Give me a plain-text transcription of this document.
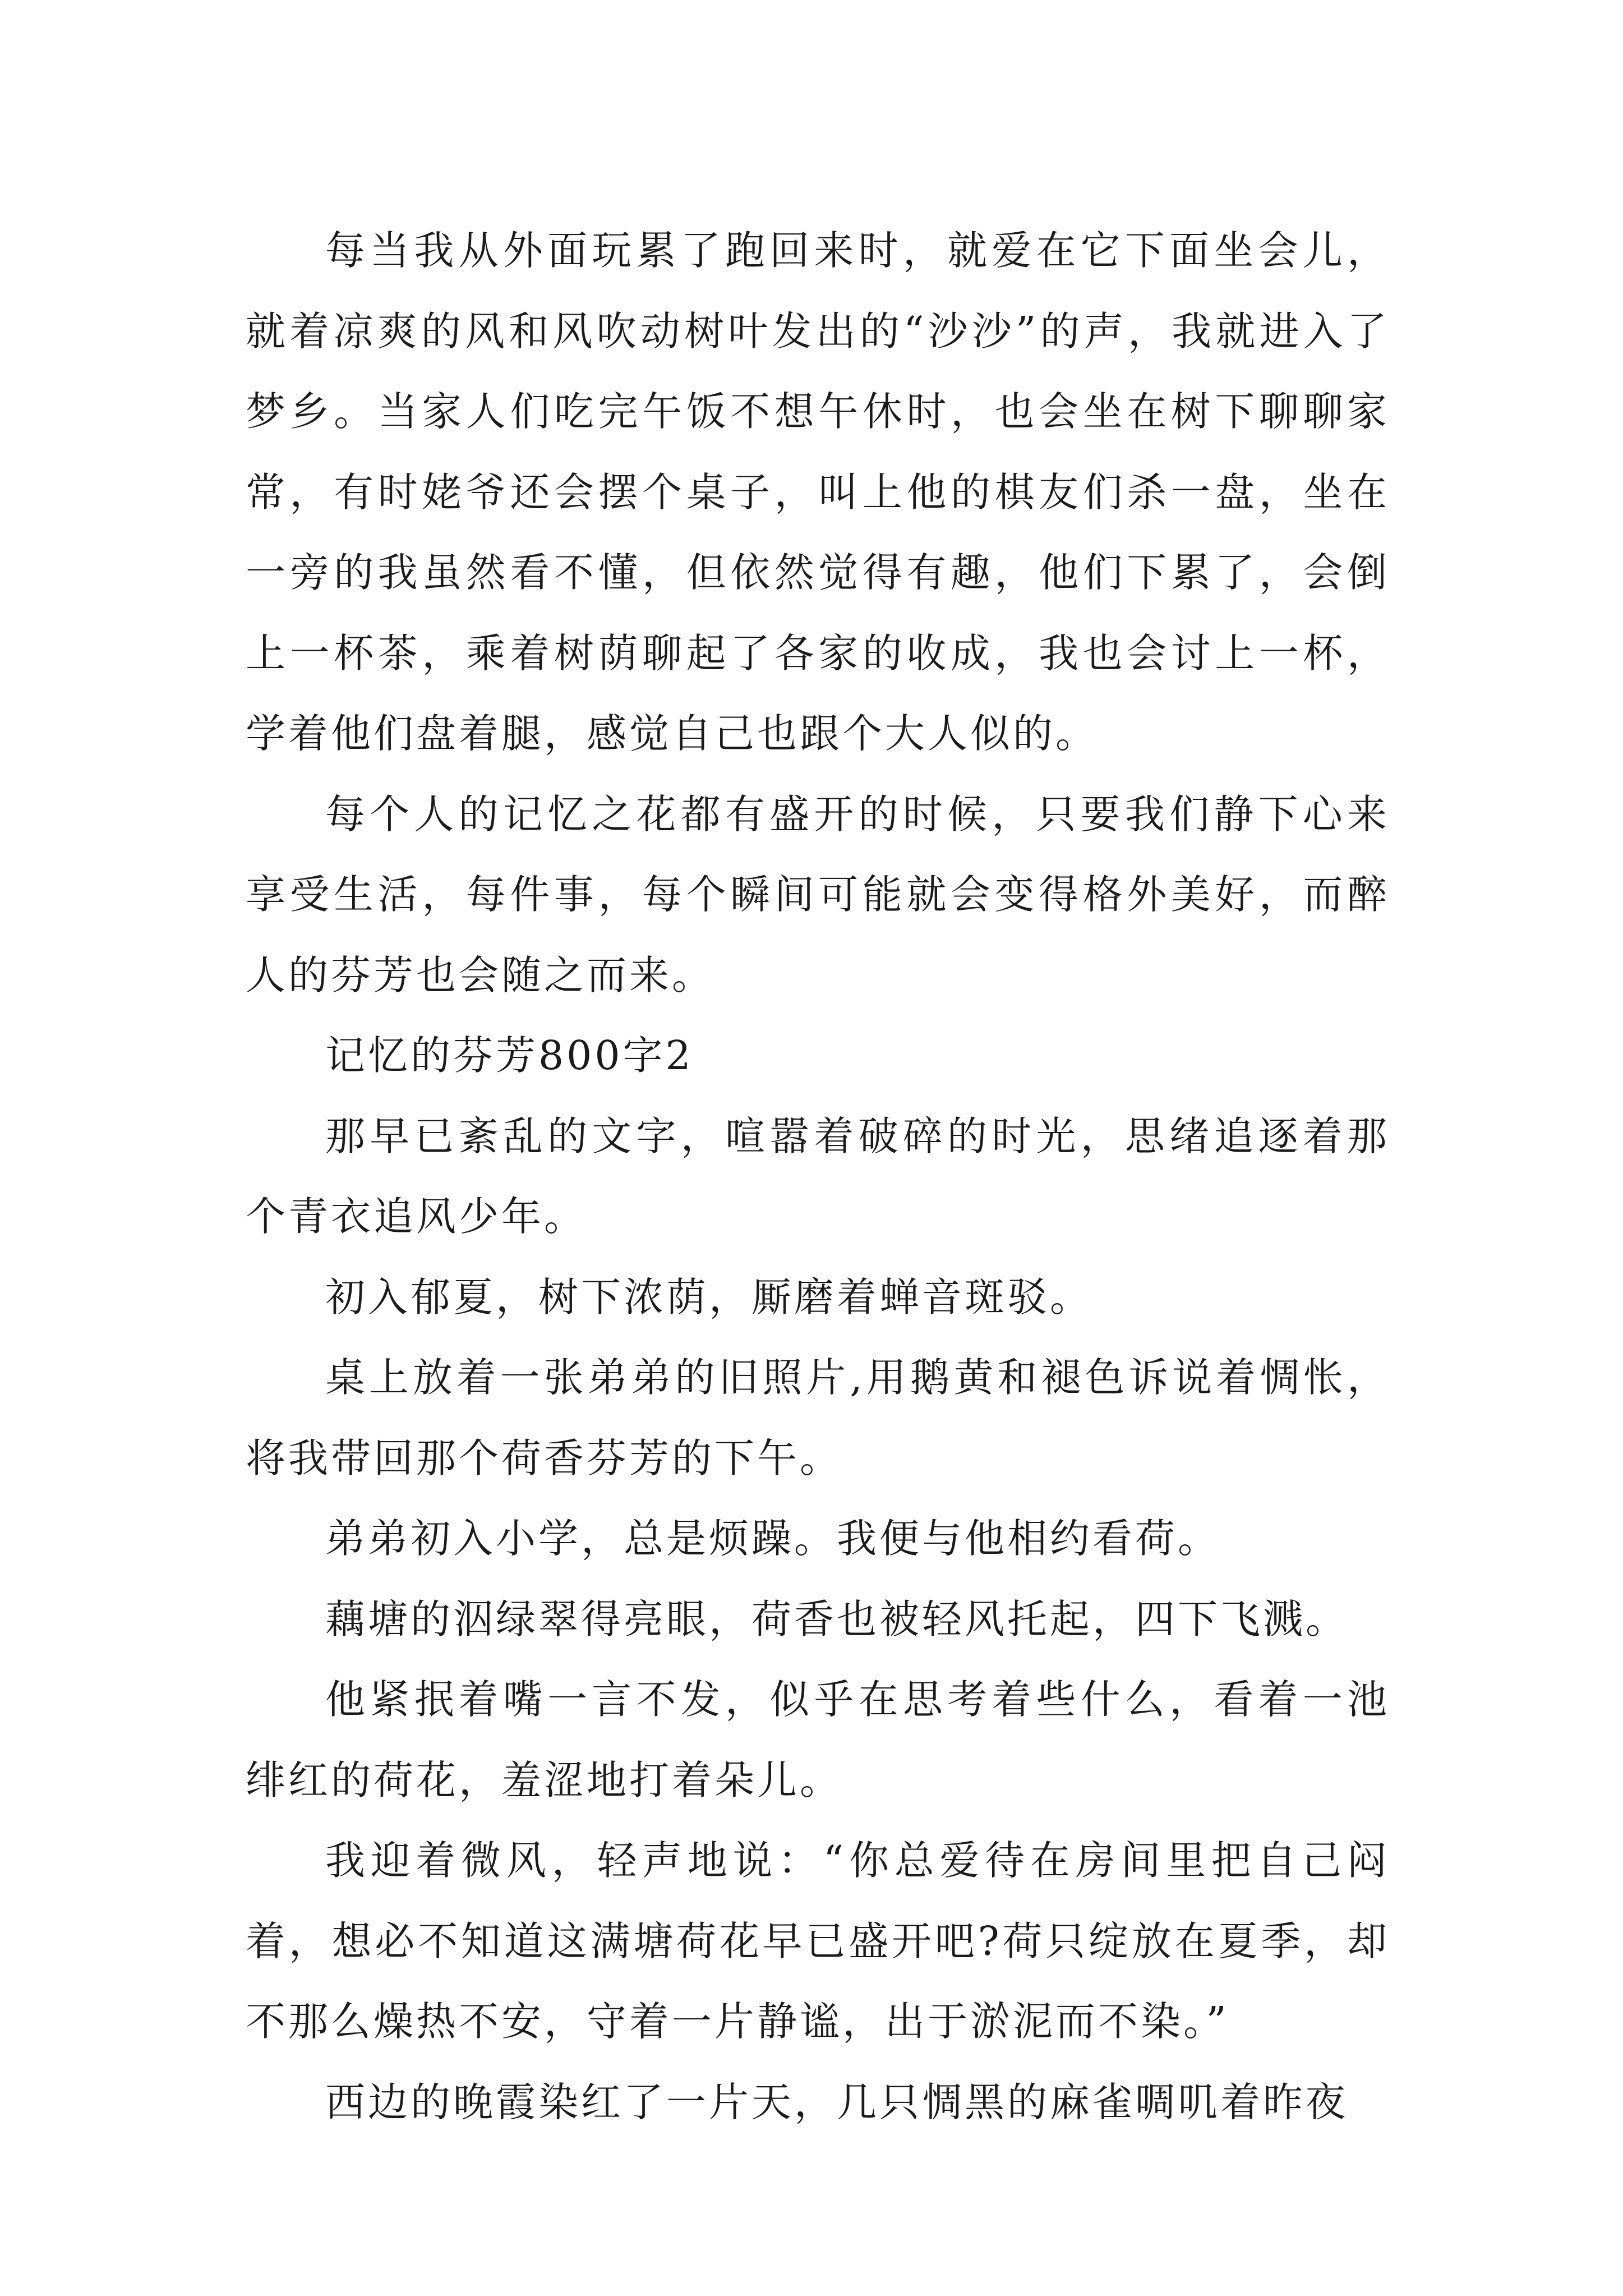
每当我从外面玩累了跑回来时，就爱在它下面坐会儿，就着凉爽的风和风吹动树叶发出的“沙沙”的声，我就进入了梦乡。当家人们吃完午饭不想午休时，也会坐在树下聊聊家常，有时姥爷还会摆个桌子，叫上他的棋友们杀一盘，坐在一旁的我虽然看不懂，但依然觉得有趣，他们下累了，会倒上一杯茶，乘着树荫聊起了各家的收成，我也会讨上一杯，学着他们盘着腿，感觉自己也跟个大人似的。

每个人的记忆之花都有盛开的时候，只要我们静下心来享受生活，每件事，每个瞬间可能就会变得格外美好，而醉人的芬芳也会随之而来。

记忆的芬芳800字2

那早已紊乱的文字，喧嚣着破碎的时光，思绪追逐着那个青衣追风少年。

初入郁夏，树下浓荫，厮磨着蝉音斑驳。

桌上放着一张弟弟的旧照片,用鹅黄和褪色诉说着惆怅，将我带回那个荷香芬芳的下午。

弟弟初入小学，总是烦躁。我便与他相约看荷。

藕塘的泅绿翠得亮眼，荷香也被轻风托起，四下飞溅。

他紧抿着嘴一言不发，似乎在思考着些什么，看着一池绯红的荷花，羞涩地打着朵儿。

我迎着微风，轻声地说：“你总爱待在房间里把自己闷着，想必不知道这满塘荷花早已盛开吧?荷只绽放在夏季，却不那么燥热不安，守着一片静谧，出于淤泥而不染。”

西边的晚霞染红了一片天，几只惆黑的麻雀啁叽着昨夜
